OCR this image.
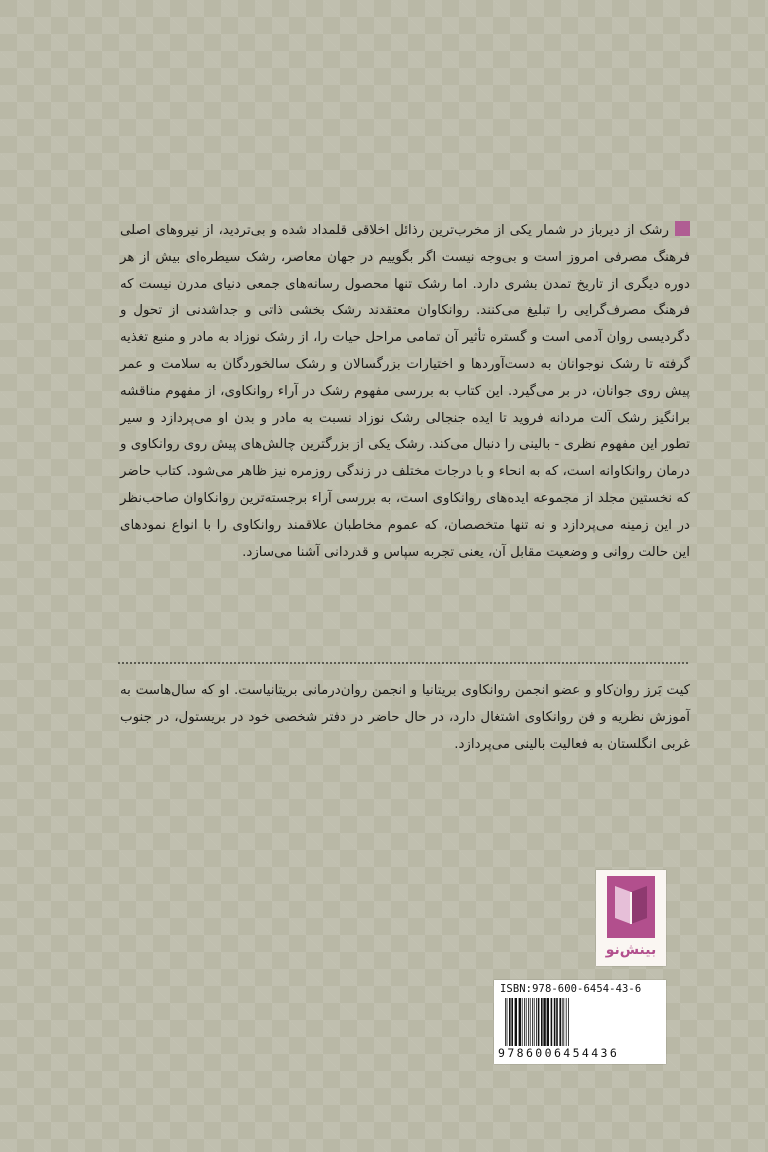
رشک از دیرباز در شمار یکی از مخرب‌ترین رذائل اخلاقی قلمداد شده و بی‌تردید، از نیروهای اصلی فرهنگ مصرفی امروز است و بی‌وجه نیست اگر بگوییم در جهان معاصر، رشک سیطره‌ای بیش از هر دوره دیگری از تاریخ تمدن بشری دارد. اما رشک تنها محصول رسانه‌های جمعی دنیای مدرن نیست که فرهنگ مصرف‌گرایی را تبلیغ می‌کنند. روانکاوان معتقدند رشک بخشی ذاتی و جداشدنی از تحول و دگردیسی روان آدمی است و گستره تأثیر آن تمامی مراحل حیات را، از رشک نوزاد به مادر و منبع تغذیه گرفته تا رشک نوجوانان به دست‌آوردها و اختیارات بزرگسالان و رشک سالخوردگان به سلامت و عمر پیش روی جوانان، در بر می‌گیرد. این کتاب به بررسی مفهوم رشک در آراء روانکاوی، از مفهوم مناقشه برانگیز رشک آلت مردانه فروید تا ایده جنجالی رشک نوزاد نسبت به مادر و بدن او می‌پردازد و سیر تطور این مفهوم نظری - بالینی را دنبال می‌کند. رشک یکی از بزرگترین چالش‌های پیش روی روانکاوی و درمان روانکاوانه است، که به انحاء و با درجات مختلف در زندگی روزمره نیز ظاهر می‌شود. کتاب حاضر که نخستین مجلد از مجموعه ایده‌های روانکاوی است، به بررسی آراء برجسته‌ترین روانکاوان صاحب‌نظر در این زمینه می‌پردازد و نه تنها متخصصان، که عموم مخاطبان علاقمند روانکاوی را با انواع نمودهای این حالت روانی و وضعیت مقابل آن، یعنی تجربه سپاس و قدردانی آشنا می‌سازد.
کیت بَرز روان‌کاو و عضو انجمن روانکاوی بریتانیا و انجمن روان‌درمانی بریتانیاست. او که سال‌هاست به آموزش نظریه و فن روانکاوی اشتغال دارد، در حال حاضر در دفتر شخصی خود در بریستول، در جنوب غربی انگلستان به فعالیت بالینی می‌پردازد.
بینش‌نو
ISBN:978-600-6454-43-6
9786006454436
